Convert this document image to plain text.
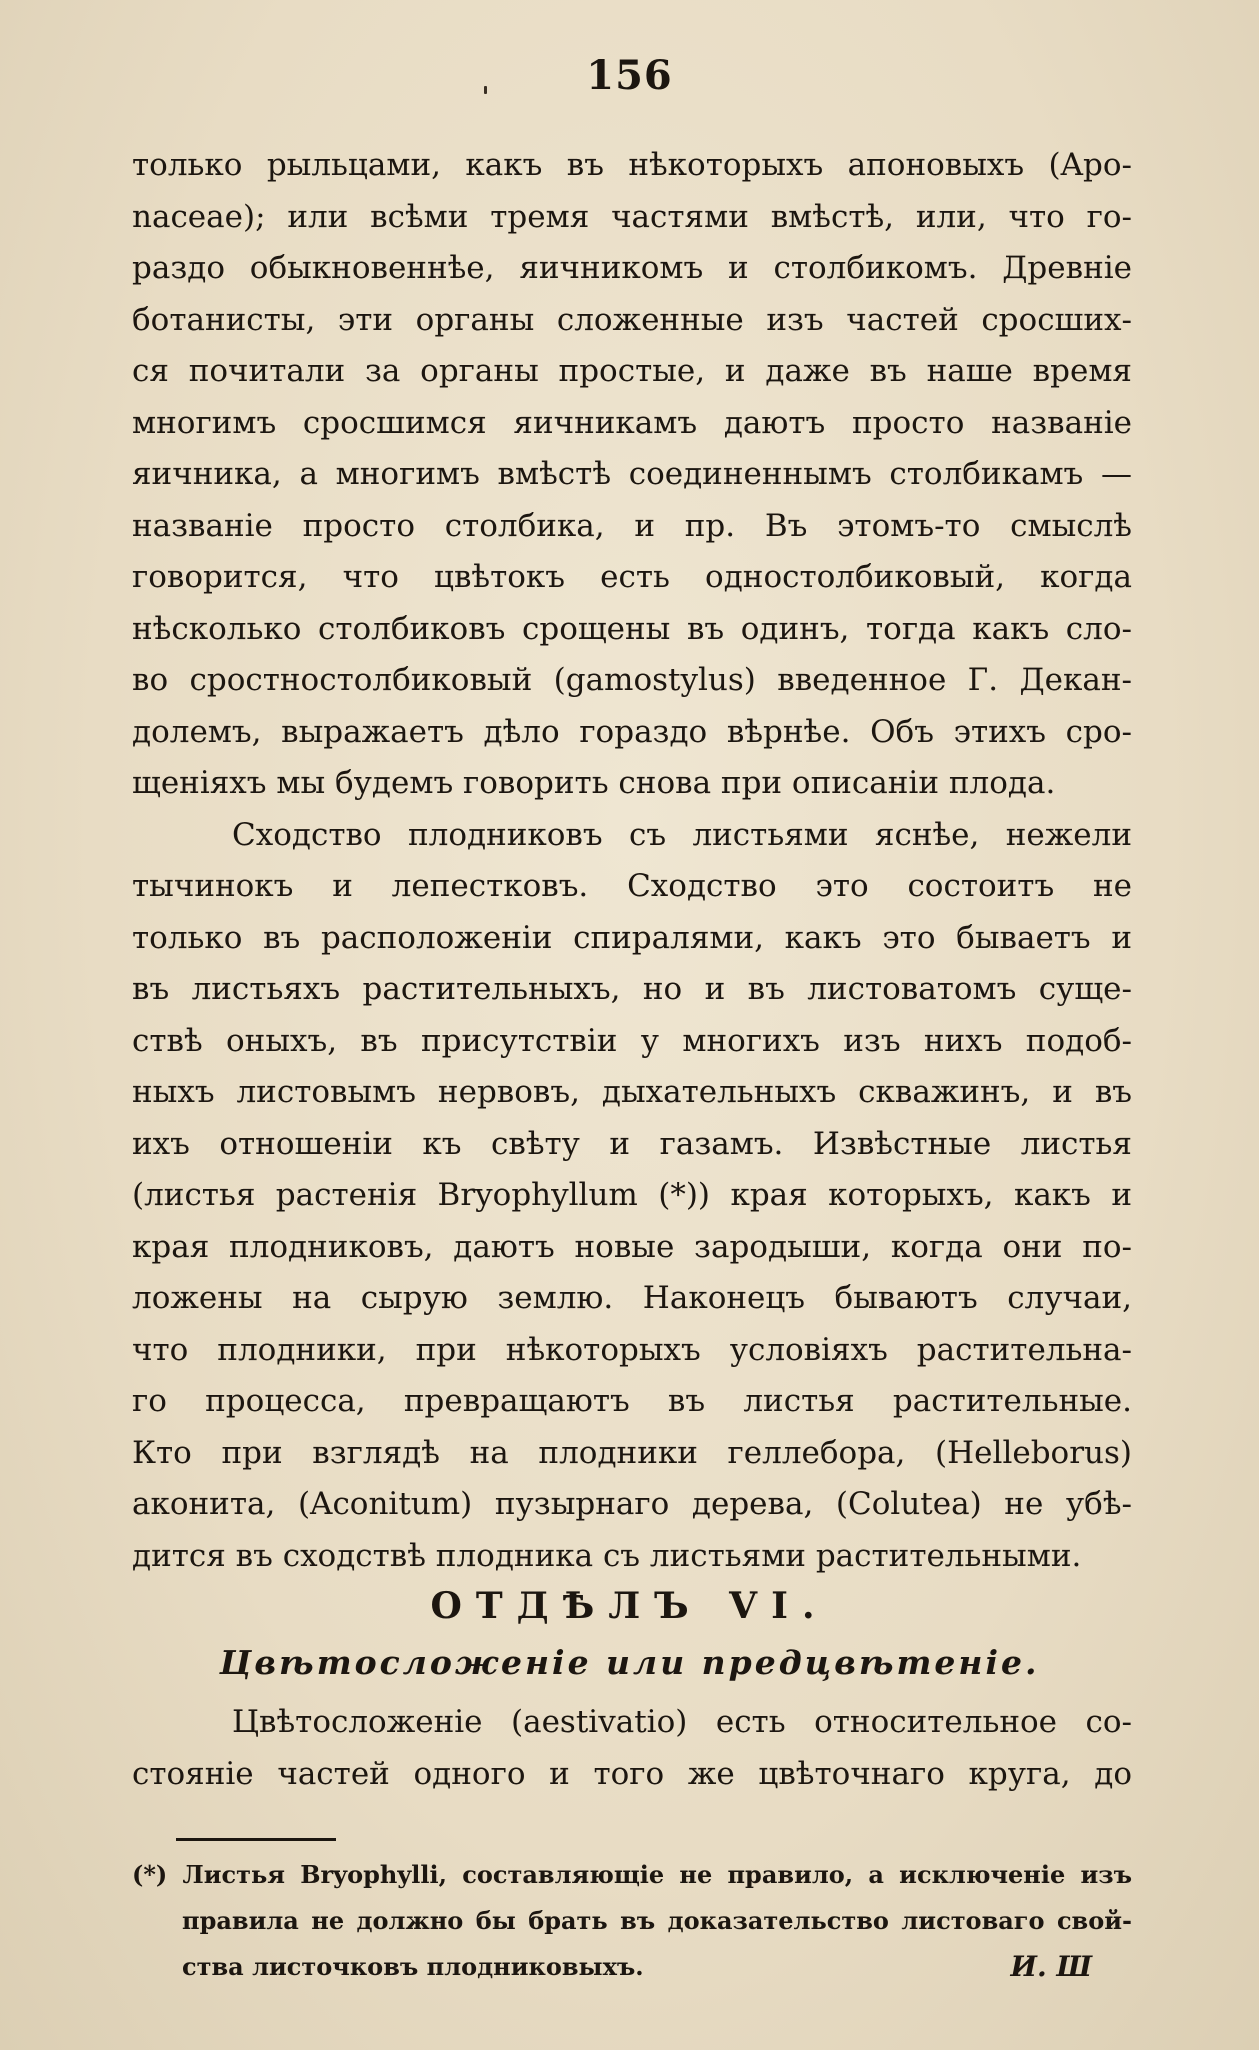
156
только рыльцами, какъ въ нѣкоторыхъ апоновыхъ (Apo-
naceae); или всѣми тремя частями вмѣстѣ, или, что го-
раздо обыкновеннѣе, яичникомъ и столбикомъ. Древніе
ботанисты, эти органы сложенные изъ частей сросших-
ся почитали за органы простые, и даже въ наше время
многимъ сросшимся яичникамъ даютъ просто названіе
яичника, а многимъ вмѣстѣ соединеннымъ столбикамъ —
названіе просто столбика, и пр. Въ этомъ-то смыслѣ
говорится, что цвѣтокъ есть одностолбиковый, когда
нѣсколько столбиковъ срощены въ одинъ, тогда какъ сло-
во сростностолбиковый (gamostylus) введенное Г. Декан-
долемъ, выражаетъ дѣло гораздо вѣрнѣе. Объ этихъ сро-
щеніяхъ мы будемъ говорить снова при описаніи плода.
Сходство плодниковъ съ листьями яснѣе, нежели
тычинокъ и лепестковъ. Сходство это состоитъ не
только въ расположеніи спиралями, какъ это бываетъ и
въ листьяхъ растительныхъ, но и въ листоватомъ суще-
ствѣ оныхъ, въ присутствіи у многихъ изъ нихъ подоб-
ныхъ листовымъ нервовъ, дыхательныхъ скважинъ, и въ
ихъ отношеніи къ свѣту и газамъ. Извѣстные листья
(листья растенія Bryophyllum (*)) края которыхъ, какъ и
края плодниковъ, даютъ новые зародыши, когда они по-
ложены на сырую землю. Наконецъ бываютъ случаи,
что плодники, при нѣкоторыхъ условіяхъ растительна-
го процесса, превращаютъ въ листья растительные.
Кто при взглядѣ на плодники геллебора, (Helleborus)
аконита, (Aconitum) пузырнаго дерева, (Colutea) не убѣ-
дится въ сходствѣ плодника съ листьями растительными.
ОТДѢЛЪ VI.
Цвѣтосложеніе или предцвѣтеніе.
Цвѣтосложеніе (aestivatio) есть относительное со-
стояніе частей одного и того же цвѣточнаго круга, до
(*) Листья Bryophylli, составляющіе не правило, а исключеніе изъ
правила не должно бы брать въ доказательство листоваго свой-
ства листочковъ плодниковыхъ.	И. Ш
